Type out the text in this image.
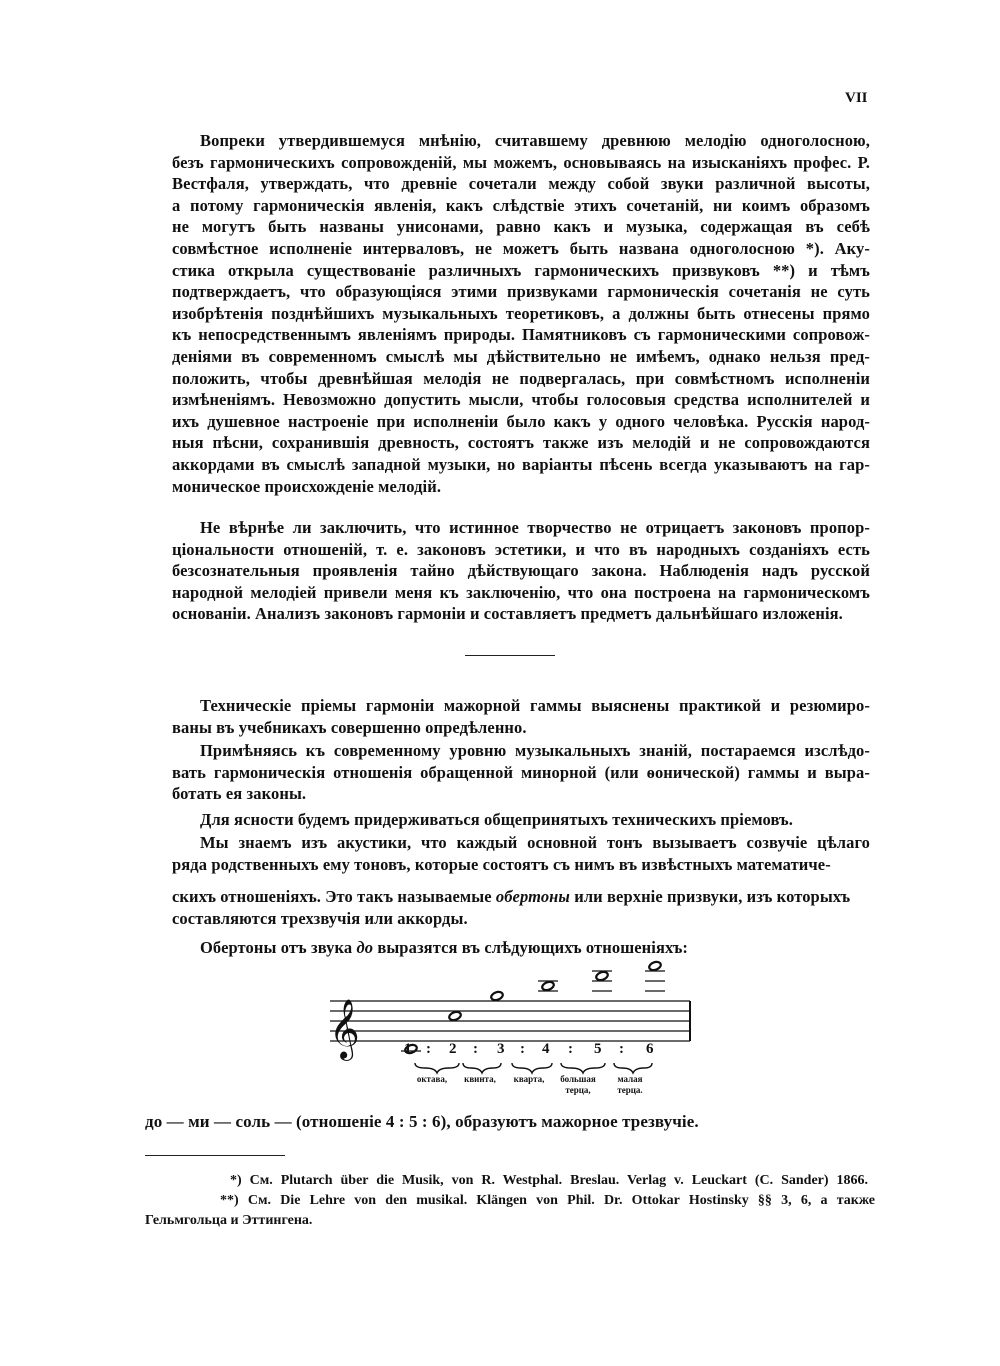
VII
Вопреки утвердившемуся мнѣнію, считавшему древнюю мелодію одноголосною,
безъ гармоническихъ сопровожденій, мы можемъ, основываясь на изысканіяхъ профес. Р.
Вестфаля, утверждать, что древніе сочетали между собой звуки различной высоты,
а потому гармоническія явленія, какъ слѣдствіе этихъ сочетаній, ни коимъ образомъ
не могутъ быть названы унисонами, равно какъ и музыка, содержащая въ себѣ
совмѣстное исполненіе интерваловъ, не можетъ быть названа одноголосною *). Аку-
стика открыла существованіе различныхъ гармоническихъ призвуковъ **) и тѣмъ
подтверждаетъ, что образующіяся этими призвуками гармоническія сочетанія не суть
изобрѣтенія позднѣйшихъ музыкальныхъ теоретиковъ, а должны быть отнесены прямо
къ непосредственнымъ явленіямъ природы. Памятниковъ съ гармоническими сопровож-
деніями въ современномъ смыслѣ мы дѣйствительно не имѣемъ, однако нельзя пред-
положить, чтобы древнѣйшая мелодія не подвергалась, при совмѣстномъ исполненіи
измѣненіямъ. Невозможно допустить мысли, чтобы голосовыя средства исполнителей и
ихъ душевное настроеніе при исполненіи было какъ у одного человѣка. Русскія народ-
ныя пѣсни, сохранившія древность, состоятъ также изъ мелодій и не сопровождаются
аккордами въ смыслѣ западной музыки, но варіанты пѣсень всегда указываютъ на гар-
моническое происхожденіе мелодій.
Не вѣрнѣе ли заключить, что истинное творчество не отрицаетъ законовъ пропор-
ціональности отношеній, т. е. законовъ эстетики, и что въ народныхъ созданіяхъ есть
безсознательныя проявленія тайно дѣйствующаго закона. Наблюденія надъ русской
народной мелодіей привели меня къ заключенію, что она построена на гармоническомъ
основаніи. Анализъ законовъ гармоніи и составляетъ предметъ дальнѣйшаго изложенія.
Техническіе пріемы гармоніи мажорной гаммы выяснены практикой и резюмиро-
ваны въ учебникахъ совершенно опредѣленно.
Примѣняясь къ современному уровню музыкальныхъ знаній, постараемся изслѣдо-
вать гармоническія отношенія обращенной минорной (или ѳонической) гаммы и выра-
ботать ея законы.
Для ясности будемъ придерживаться общепринятыхъ техническихъ пріемовъ.
Мы знаемъ изъ акустики, что каждый основной тонъ вызываетъ созвучіе цѣлаго
ряда родственныхъ ему тоновъ, которые состоятъ съ нимъ въ извѣстныхъ математиче-
скихъ отношеніяхъ. Это такъ называемые обертоны или верхніе призвуки, изъ которыхъ
составляются трехзвучія или аккорды.
Обертоны отъ звука до выразятся въ слѣдующихъ отношеніяхъ:
𝄞	1 : 2 : 3 : 4 : 5 : 6
октава,	квинта,	кварта,	большая
терца,
малая
терца.
до — ми — соль — (отношеніе 4 : 5 : 6), образуютъ мажорное трезвучіе.
*) См. Plutarch über die Musik, von R. Westphal. Breslau. Verlag v. Leuckart (C. Sander) 1866.
**) См. Die Lehre von den musikal. Klängen von Phil. Dr. Ottokar Hostinsky §§ 3, 6, а также
Гельмгольца и Эттингена.
